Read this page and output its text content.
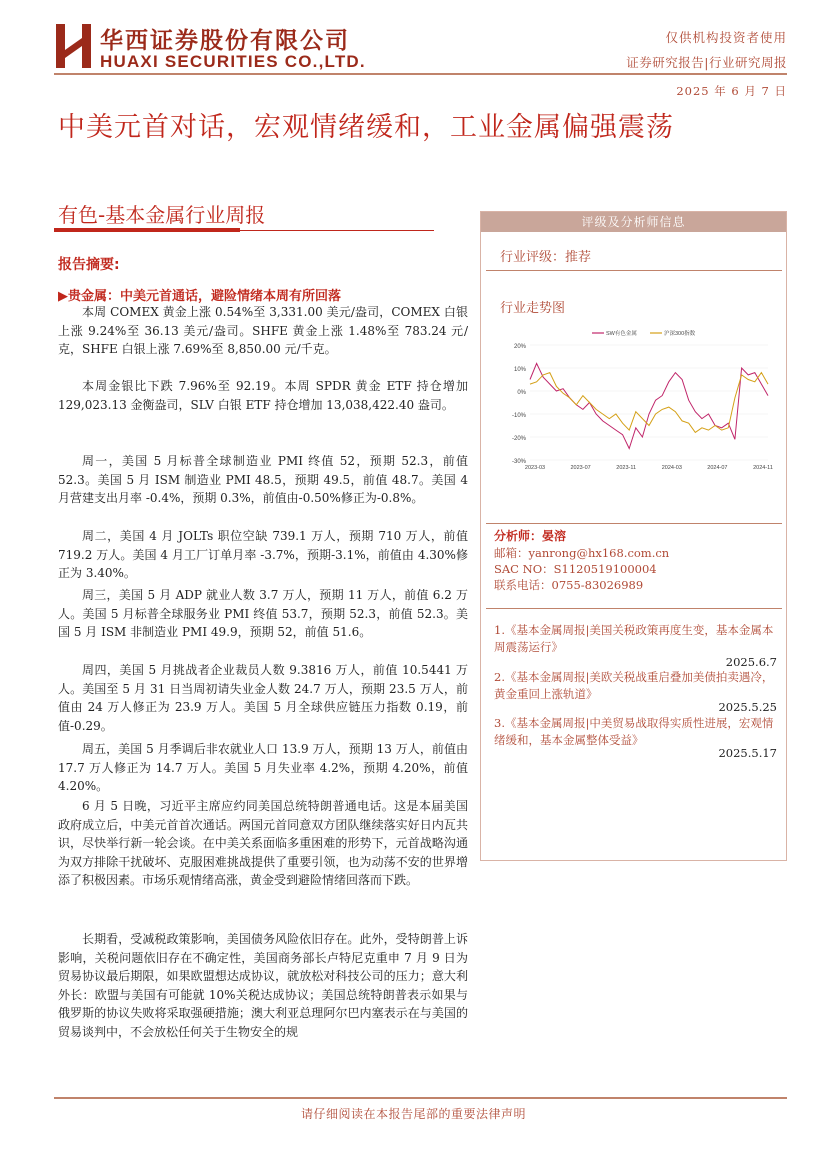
华西证券股份有限公司
HUAXI SECURITIES CO.,LTD.
仅供机构投资者使用
证券研究报告|行业研究周报
2025 年 6 月 7 日
中美元首对话，宏观情绪缓和，工业金属偏强震荡
有色-基本金属行业周报
报告摘要:
▶贵金属：中美元首通话，避险情绪本周有所回落

本周 COMEX 黄金上涨 0.54%至 3,331.00 美元/盎司，COMEX 白银上涨 9.24%至 36.13 美元/盎司。SHFE 黄金上涨 1.48%至 783.24 元/克，SHFE 白银上涨 7.69%至 8,850.00 元/千克。

本周金银比下跌 7.96%至 92.19。本周 SPDR 黄金 ETF 持仓增加 129,023.13 金衡盎司，SLV 白银 ETF 持仓增加 13,038,422.40 盎司。

周一，美国 5 月标普全球制造业 PMI 终值 52，预期 52.3，前值 52.3。美国 5 月 ISM 制造业 PMI 48.5，预期 49.5，前值 48.7。美国 4 月营建支出月率 -0.4%，预期 0.3%，前值由-0.50%修正为-0.8%。

周二，美国 4 月 JOLTs 职位空缺 739.1 万人，预期 710 万人，前值 719.2 万人。美国 4 月工厂订单月率 -3.7%，预期-3.1%，前值由 4.30%修正为 3.40%。

周三，美国 5 月 ADP 就业人数 3.7 万人，预期 11 万人，前值 6.2 万人。美国 5 月标普全球服务业 PMI 终值 53.7，预期 52.3，前值 52.3。美国 5 月 ISM 非制造业 PMI 49.9，预期 52，前值 51.6。

周四，美国 5 月挑战者企业裁员人数 9.3816 万人，前值 10.5441 万人。美国至 5 月 31 日当周初请失业金人数 24.7 万人，预期 23.5 万人，前值由 24 万人修正为 23.9 万人。美国 5 月全球供应链压力指数 0.19，前值-0.29。

周五，美国 5 月季调后非农就业人口 13.9 万人，预期 13 万人，前值由 17.7 万人修正为 14.7 万人。美国 5 月失业率 4.2%，预期 4.20%，前值 4.20%。

6 月 5 日晚，习近平主席应约同美国总统特朗普通电话。这是本届美国政府成立后，中美元首首次通话。两国元首同意双方团队继续落实好日内瓦共识，尽快举行新一轮会谈。在中美关系面临多重困难的形势下，元首战略沟通为双方排除干扰破坏、克服困难挑战提供了重要引领，也为动荡不安的世界增添了积极因素。市场乐观情绪高涨，黄金受到避险情绪回落而下跌。

长期看，受减税政策影响，美国债务风险依旧存在。此外，受特朗普上诉影响，关税问题依旧存在不确定性，美国商务部长卢特尼克重申 7 月 9 日为贸易协议最后期限，如果欧盟想达成协议，就放松对科技公司的压力；意大利外长：欧盟与美国有可能就 10%关税达成协议；美国总统特朗普表示如果与俄罗斯的协议失败将采取强硬措施；澳大利亚总理阿尔巴内塞表示在与美国的贸易谈判中，不会放松任何关于生物安全的规

评级及分析师信息
行业评级：推荐
行业走势图
20%
10%
0%
-10%
-20%
-30%
2023-03	2023-07	2023-11	2024-03	2024-07	2024-11
SW有色金属	沪深300指数
分析师：晏溶
邮箱：yanrong@hx168.com.cn
SAC NO：S1120519100004
联系电话：0755-83026989
1.《基本金属周报|美国关税政策再度生变，基本金属本周震荡运行》
2025.6.7
2.《基本金属周报|美欧关税战重启叠加美债拍卖遇冷，黄金重回上涨轨道》
2025.5.25
3.《基本金属周报|中美贸易战取得实质性进展，宏观情绪缓和，基本金属整体受益》
2025.5.17
请仔细阅读在本报告尾部的重要法律声明
